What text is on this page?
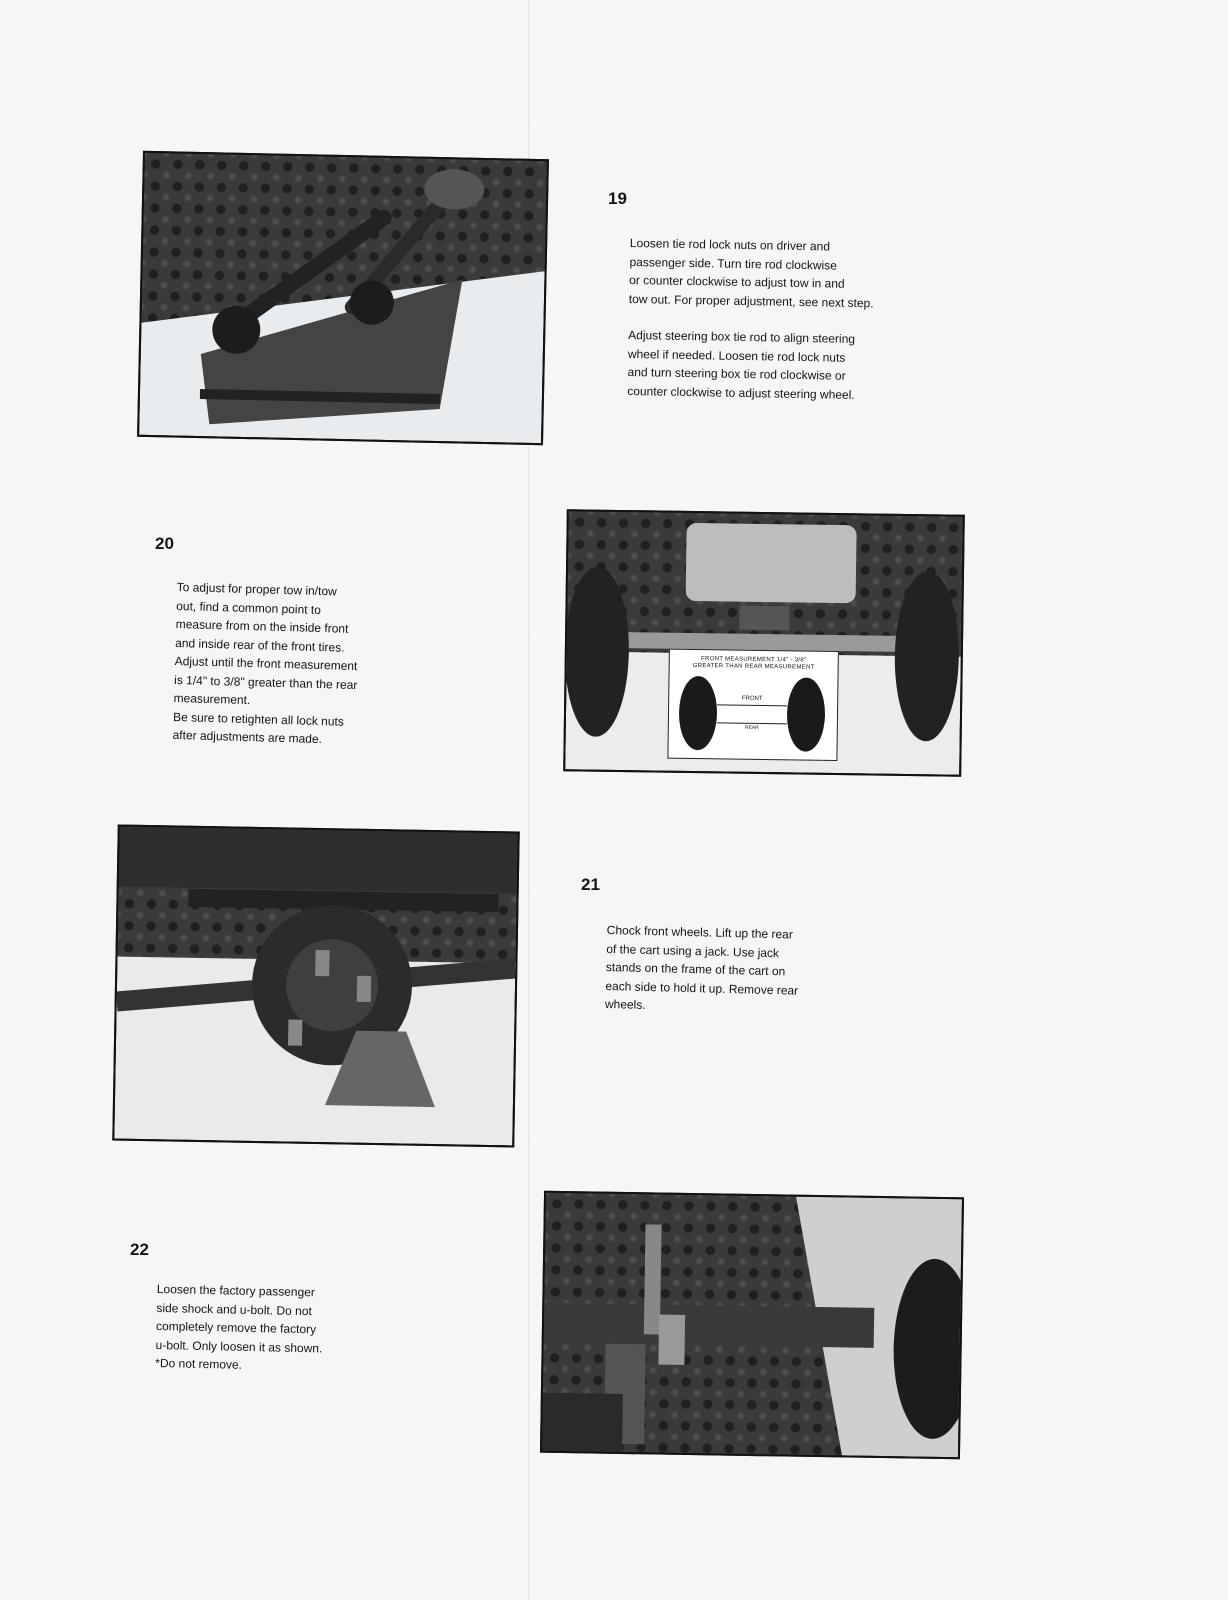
19

Loosen tie rod lock nuts on driver and
passenger side. Turn tire rod clockwise
or counter clockwise to adjust tow in and
tow out. For proper adjustment, see next step.

Adjust steering box tie rod to align steering
wheel if needed. Loosen tie rod lock nuts
and turn steering box tie rod clockwise or
counter clockwise to adjust steering wheel.

20

To adjust for proper tow in/tow
out, find a common point to
measure from on the inside front
and inside rear of the front tires.
Adjust until the front measurement
is 1/4" to 3/8" greater than the rear
measurement.
Be sure to retighten all lock nuts
after adjustments are made.

FRONT MEASUREMENT 1/4" - 3/8"
GREATER THAN REAR MEASUREMENT
FRONT
REAR
21

Chock front wheels. Lift up the rear
of the cart using a jack. Use jack
stands on the frame of the cart on
each side to hold it up. Remove rear
wheels.

22

Loosen the factory passenger
side shock and u-bolt. Do not
completely remove the factory
u-bolt. Only loosen it as shown.
*Do not remove.
